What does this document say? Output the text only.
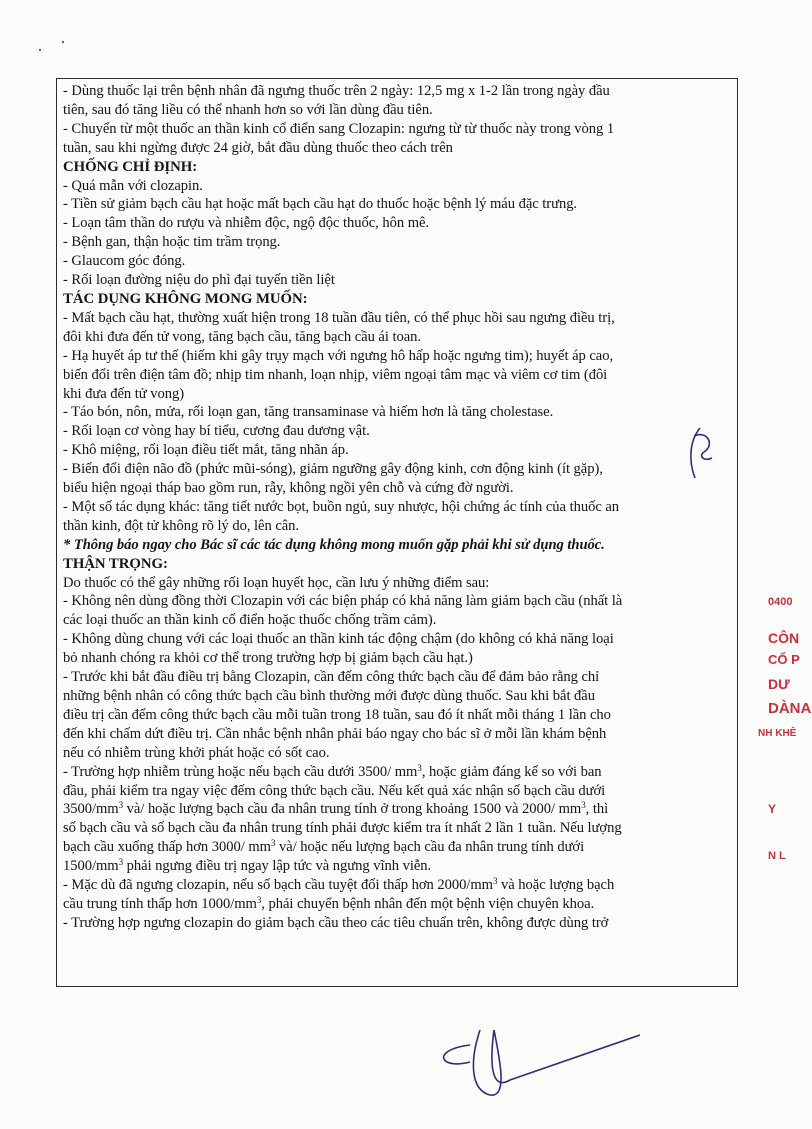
- Dùng thuốc lại trên bệnh nhân đã ngưng thuốc trên 2 ngày: 12,5 mg x 1-2 lần trong ngày đầu

tiên, sau đó tăng liều có thể nhanh hơn so với lần dùng đầu tiên.

- Chuyển từ một thuốc an thần kinh cổ điển sang Clozapin: ngưng từ từ thuốc này trong vòng 1

tuần, sau khi ngừng được 24 giờ, bắt đầu dùng thuốc theo cách trên

CHỐNG CHỈ ĐỊNH:

- Quá mẫn với clozapin.

- Tiền sử giảm bạch cầu hạt hoặc mất bạch cầu hạt do thuốc hoặc bệnh lý máu đặc trưng.

- Loạn tâm thần do rượu và nhiễm độc, ngộ độc thuốc, hôn mê.

- Bệnh gan, thận hoặc tim trầm trọng.

- Glaucom góc đóng.

- Rối loạn đường niệu do phì đại tuyến tiền liệt

TÁC DỤNG KHÔNG MONG MUỐN:

- Mất bạch cầu hạt, thường xuất hiện trong 18 tuần đầu tiên, có thể phục hồi sau ngưng điều trị,

đôi khi đưa đến tử vong, tăng bạch cầu, tăng bạch cầu ái toan.

- Hạ huyết áp tư thế (hiếm khi gây trụy mạch với ngưng hô hấp hoặc ngưng tim); huyết áp cao,

biến đổi trên điện tâm đồ; nhịp tim nhanh, loạn nhịp, viêm ngoại tâm mạc và viêm cơ tim (đôi

khi đưa đến tử vong)

- Táo bón, nôn, mửa, rối loạn gan, tăng transaminase và hiếm hơn là tăng cholestase.

- Rối loạn cơ vòng hay bí tiểu, cương đau dương vật.

- Khô miệng, rối loạn điều tiết mắt, tăng nhãn áp.

- Biến đổi điện não đồ (phức mũi-sóng), giảm ngưỡng gây động kinh, cơn động kinh (ít gặp),

biểu hiện ngoại tháp bao gồm run, rẫy, không ngồi yên chỗ và cứng đờ người.

- Một số tác dụng khác: tăng tiết nước bọt, buồn ngủ, suy nhược, hội chứng ác tính của thuốc an

thần kinh, đột tử không rõ lý do, lên cân.

* Thông báo ngay cho Bác sĩ các tác dụng không mong muốn gặp phải khi sử dụng thuốc.

THẬN TRỌNG:

Do thuốc có thể gây những rối loạn huyết học, cần lưu ý những điểm sau:

- Không nên dùng đồng thời Clozapin với các biện pháp có khả năng làm giảm bạch cầu (nhất là

các loại thuốc an thần kinh cổ điển hoặc thuốc chống trầm cảm).

- Không dùng chung với các loại thuốc an thần kinh tác động chậm (do không có khả năng loại

bỏ nhanh chóng ra khỏi cơ thể trong trường hợp bị giảm bạch cầu hạt.)

- Trước khi bắt đầu điều trị bằng Clozapin, cần đếm công thức bạch cầu để đảm bảo rằng chỉ

những bệnh nhân có công thức bạch cầu bình thường mới được dùng thuốc. Sau khi bắt đầu

điều trị cần đếm công thức bạch cầu mỗi tuần trong 18 tuần, sau đó ít nhất mỗi tháng 1 lần cho

đến khi chấm dứt điều trị. Cần nhắc bệnh nhân phải báo ngay cho bác sĩ ở mỗi lần khám bệnh

nếu có nhiễm trùng khởi phát hoặc có sốt cao.

- Trường hợp nhiễm trùng hoặc nếu bạch cầu dưới 3500/ $mm^3$, hoặc giảm đáng kể so với ban

đầu, phải kiểm tra ngay việc đếm công thức bạch cầu. Nếu kết quả xác nhận số bạch cầu dưới

$3500/mm^3$ và/ hoặc lượng bạch cầu đa nhân trung tính ở trong khoảng 1500 và 2000/ $mm^3$, thì

số bạch cầu và số bạch cầu đa nhân trung tính phải được kiểm tra ít nhất 2 lần 1 tuần. Nếu lượng

bạch cầu xuống thấp hơn 3000/ $mm^3$ và/ hoặc nếu lượng bạch cầu đa nhân trung tính dưới

$1500/mm^3$ phải ngưng điều trị ngay lập tức và ngưng vĩnh viễn.

- Mặc dù đã ngưng clozapin, nếu số bạch cầu tuyệt đối thấp hơn $2000/mm^3$ và hoặc lượng bạch

cầu trung tính thấp hơn $1000/mm^3$, phải chuyển bệnh nhân đến một bệnh viện chuyên khoa.

- Trường hợp ngưng clozapin do giảm bạch cầu theo các tiêu chuẩn trên, không được dùng trở

0400
CÔN
CỔ P
DƯ
DÀNA
NH KHÊ
Y
N L
